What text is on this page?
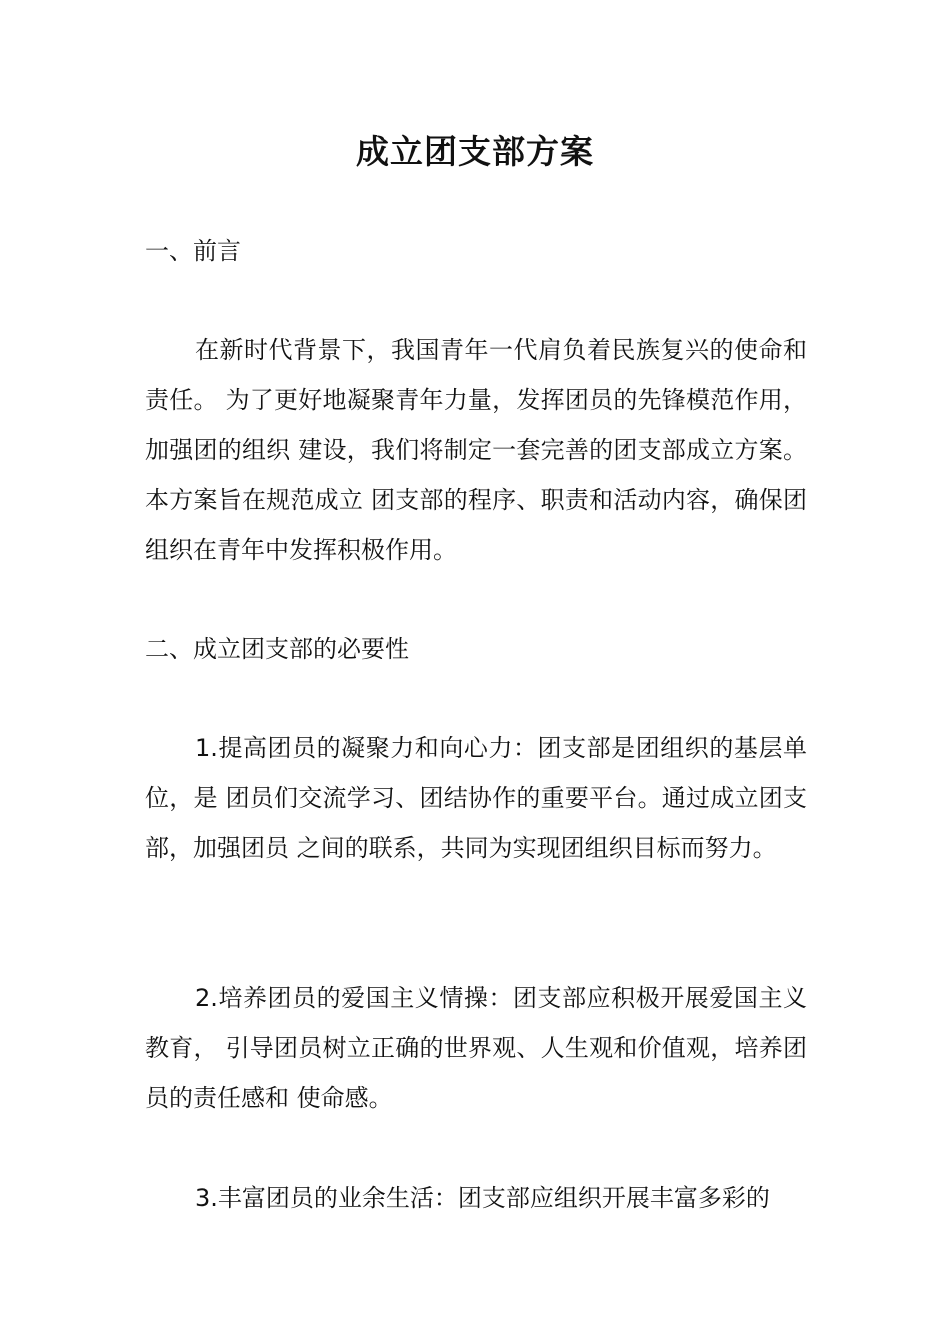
成立团支部方案
一、前言

在新时代背景下，我国青年一代肩负着民族复兴的使命和责任。 为了更好地凝聚青年力量，发挥团员的先锋模范作用，加强团的组织 建设，我们将制定一套完善的团支部成立方案。本方案旨在规范成立 团支部的程序、职责和活动内容，确保团组织在青年中发挥积极作用。

二、成立团支部的必要性

1.提高团员的凝聚力和向心力：团支部是团组织的基层单位，是 团员们交流学习、团结协作的重要平台。通过成立团支部，加强团员 之间的联系，共同为实现团组织目标而努力。

2.培养团员的爱国主义情操：团支部应积极开展爱国主义教育， 引导团员树立正确的世界观、人生观和价值观，培养团员的责任感和 使命感。

3.丰富团员的业余生活：团支部应组织开展丰富多彩的
